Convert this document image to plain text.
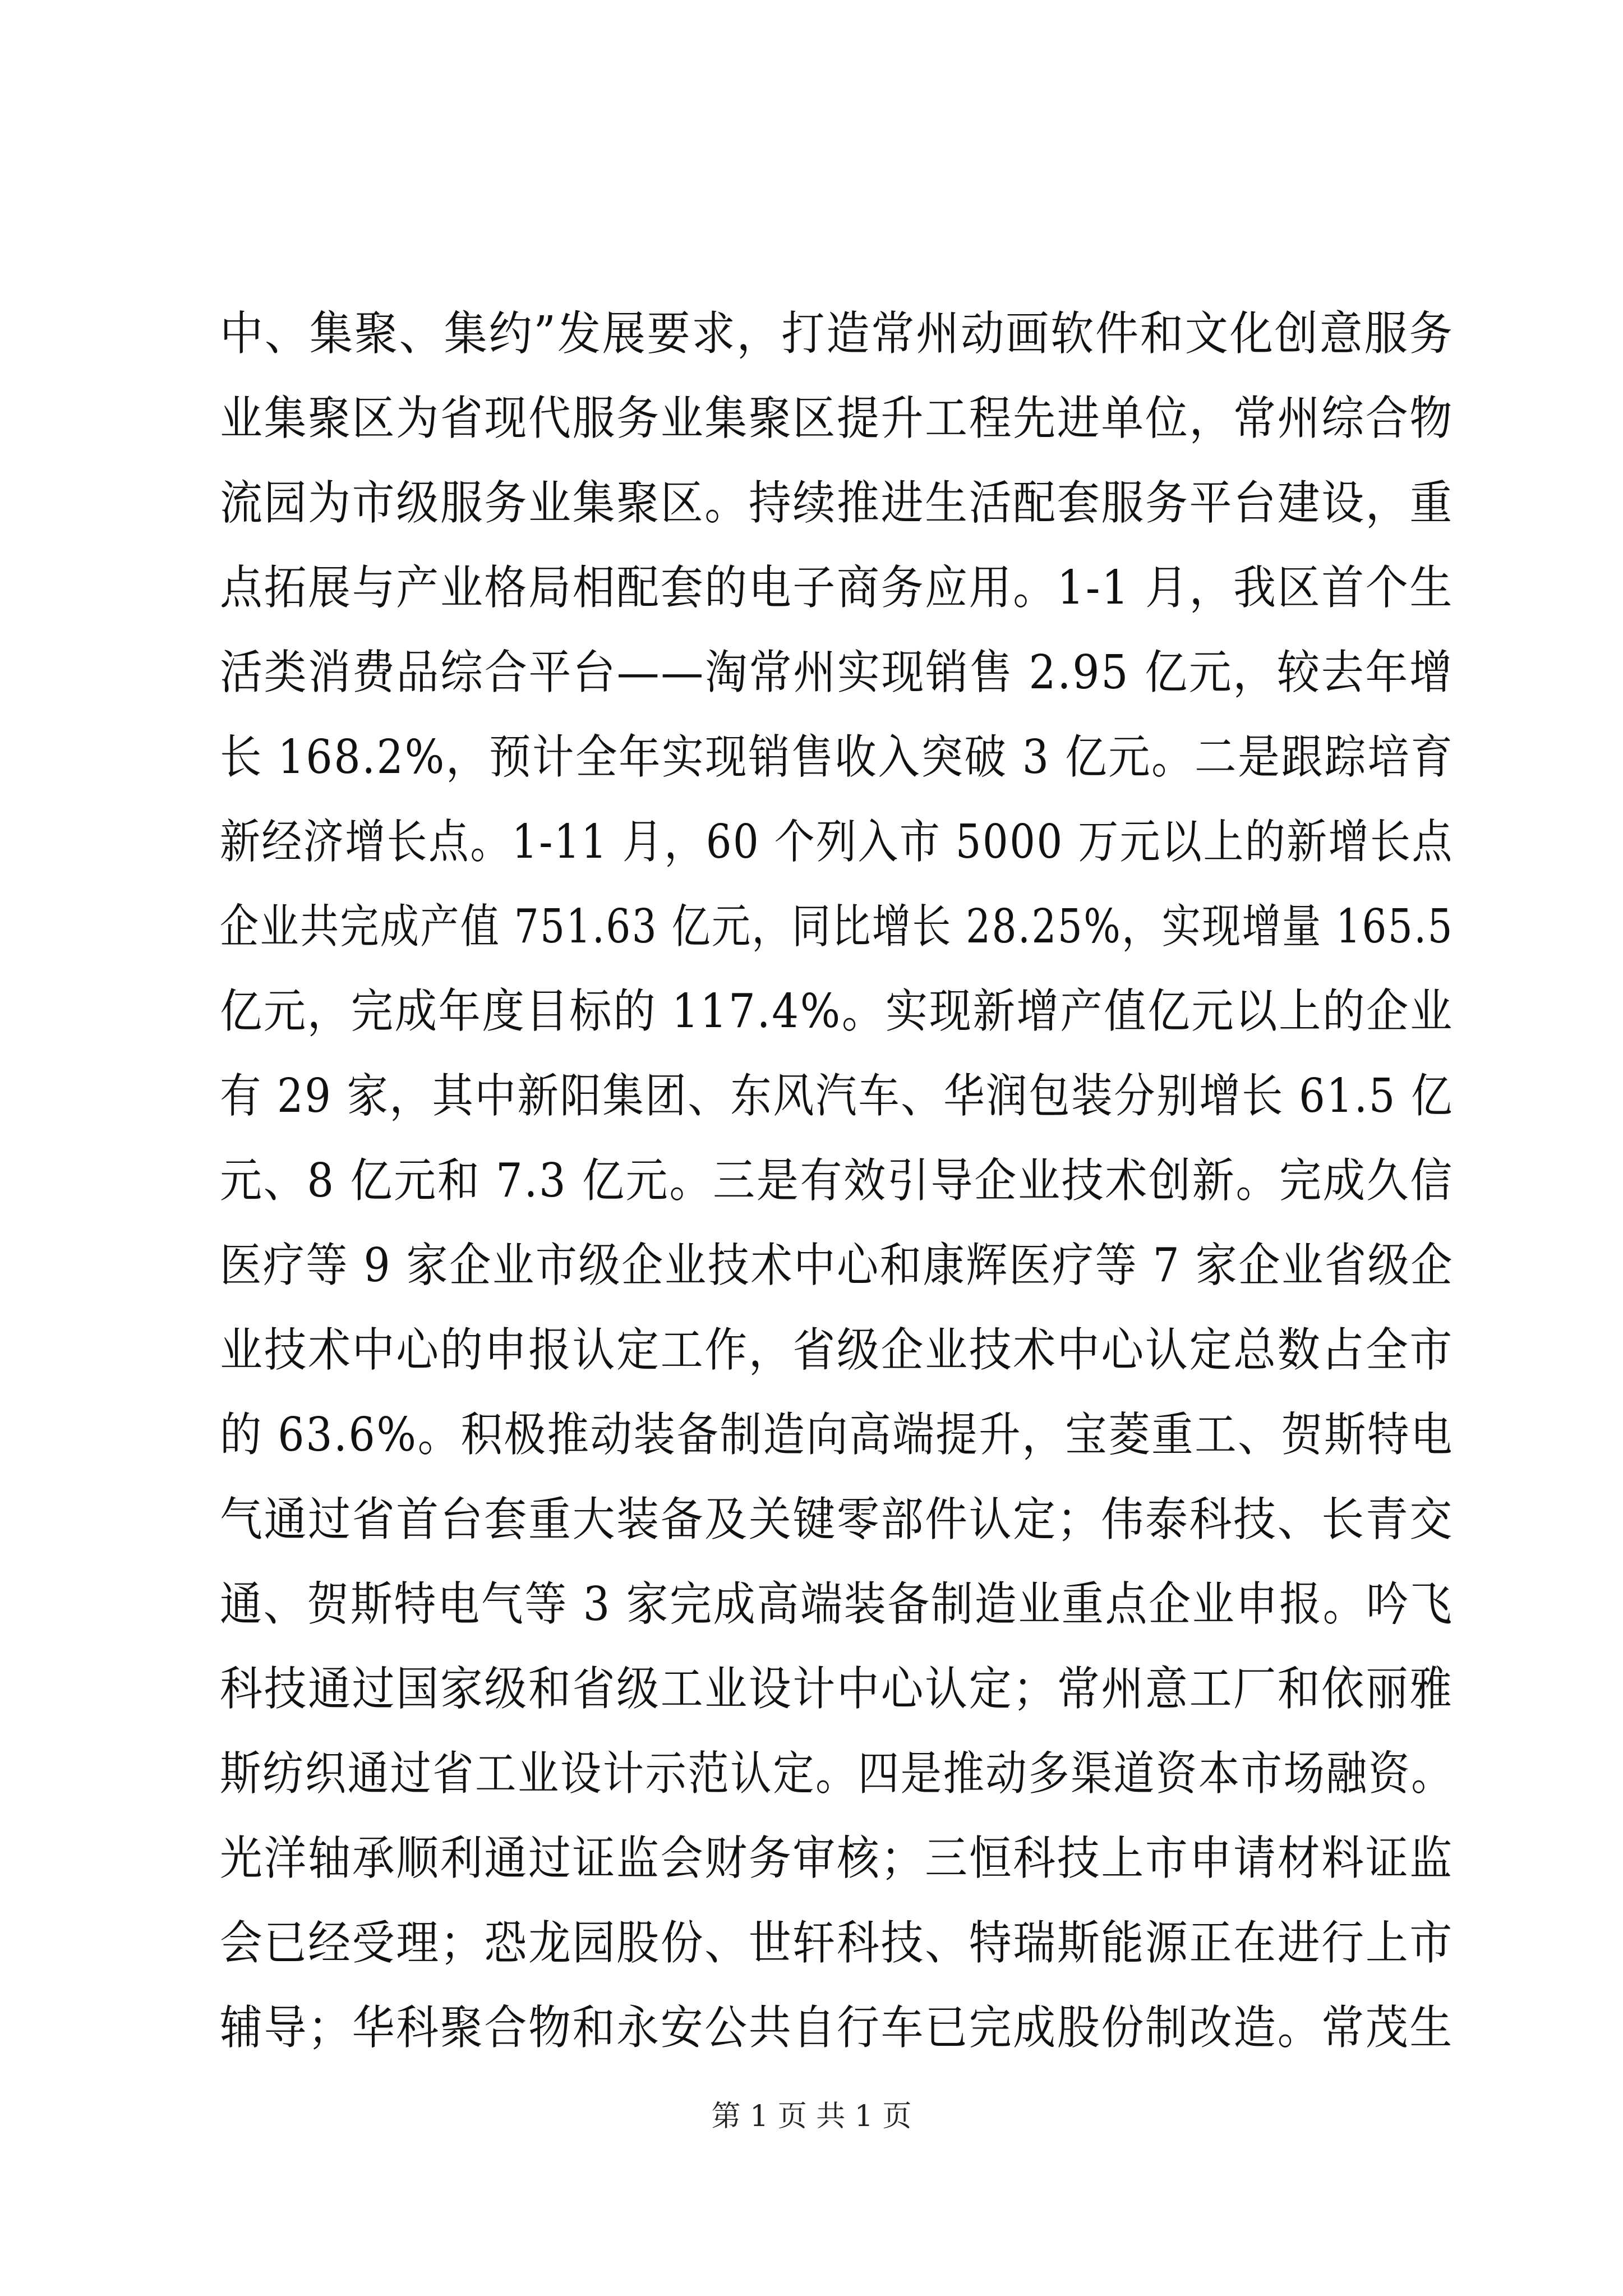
中、集聚、集约”发展要求，打造常州动画软件和文化创意服务
业集聚区为省现代服务业集聚区提升工程先进单位，常州综合物
流园为市级服务业集聚区。持续推进生活配套服务平台建设，重
点拓展与产业格局相配套的电子商务应用。1-1 月，我区首个生
活类消费品综合平台——淘常州实现销售 2.95 亿元，较去年增
长 168.2%，预计全年实现销售收入突破 3 亿元。二是跟踪培育
新经济增长点。1-11 月，60 个列入市 5000 万元以上的新增长点
企业共完成产值 751.63 亿元，同比增长 28.25%，实现增量 165.5
亿元，完成年度目标的 117.4%。实现新增产值亿元以上的企业
有 29 家，其中新阳集团、东风汽车、华润包装分别增长 61.5 亿
元、8 亿元和 7.3 亿元。三是有效引导企业技术创新。完成久信
医疗等 9 家企业市级企业技术中心和康辉医疗等 7 家企业省级企
业技术中心的申报认定工作，省级企业技术中心认定总数占全市
的 63.6%。积极推动装备制造向高端提升，宝菱重工、贺斯特电
气通过省首台套重大装备及关键零部件认定；伟泰科技、长青交
通、贺斯特电气等 3 家完成高端装备制造业重点企业申报。吟飞
科技通过国家级和省级工业设计中心认定；常州意工厂和依丽雅
斯纺织通过省工业设计示范认定。四是推动多渠道资本市场融资。
光洋轴承顺利通过证监会财务审核；三恒科技上市申请材料证监
会已经受理；恐龙园股份、世轩科技、特瑞斯能源正在进行上市
辅导；华科聚合物和永安公共自行车已完成股份制改造。常茂生
第 1 页 共 1 页
